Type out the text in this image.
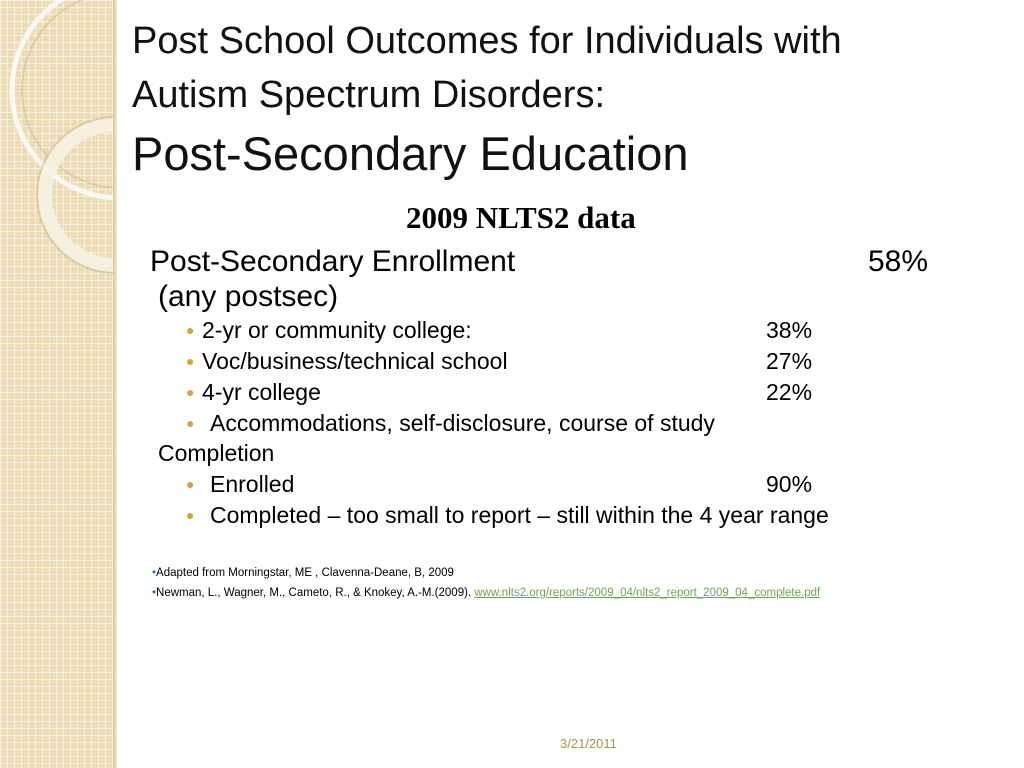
Post School Outcomes for Individuals with
Autism Spectrum Disorders:
Post-Secondary Education
2009 NLTS2 data
Post-Secondary Enrollment	58%
(any postsec)
● 2-yr or community college:	38%
● Voc/business/technical school	27%
● 4-yr college	22%
● Accommodations, self-disclosure, course of study
Completion
● Enrolled	90%
● Completed – too small to report – still within the 4 year range
•Adapted from Morningstar, ME , Clavenna-Deane, B, 2009
•Newman, L., Wagner, M., Cameto, R., & Knokey, A.-M.(2009). www.nlts2.org/reports/2009_04/nlts2_report_2009_04_complete.pdf
3/21/2011
